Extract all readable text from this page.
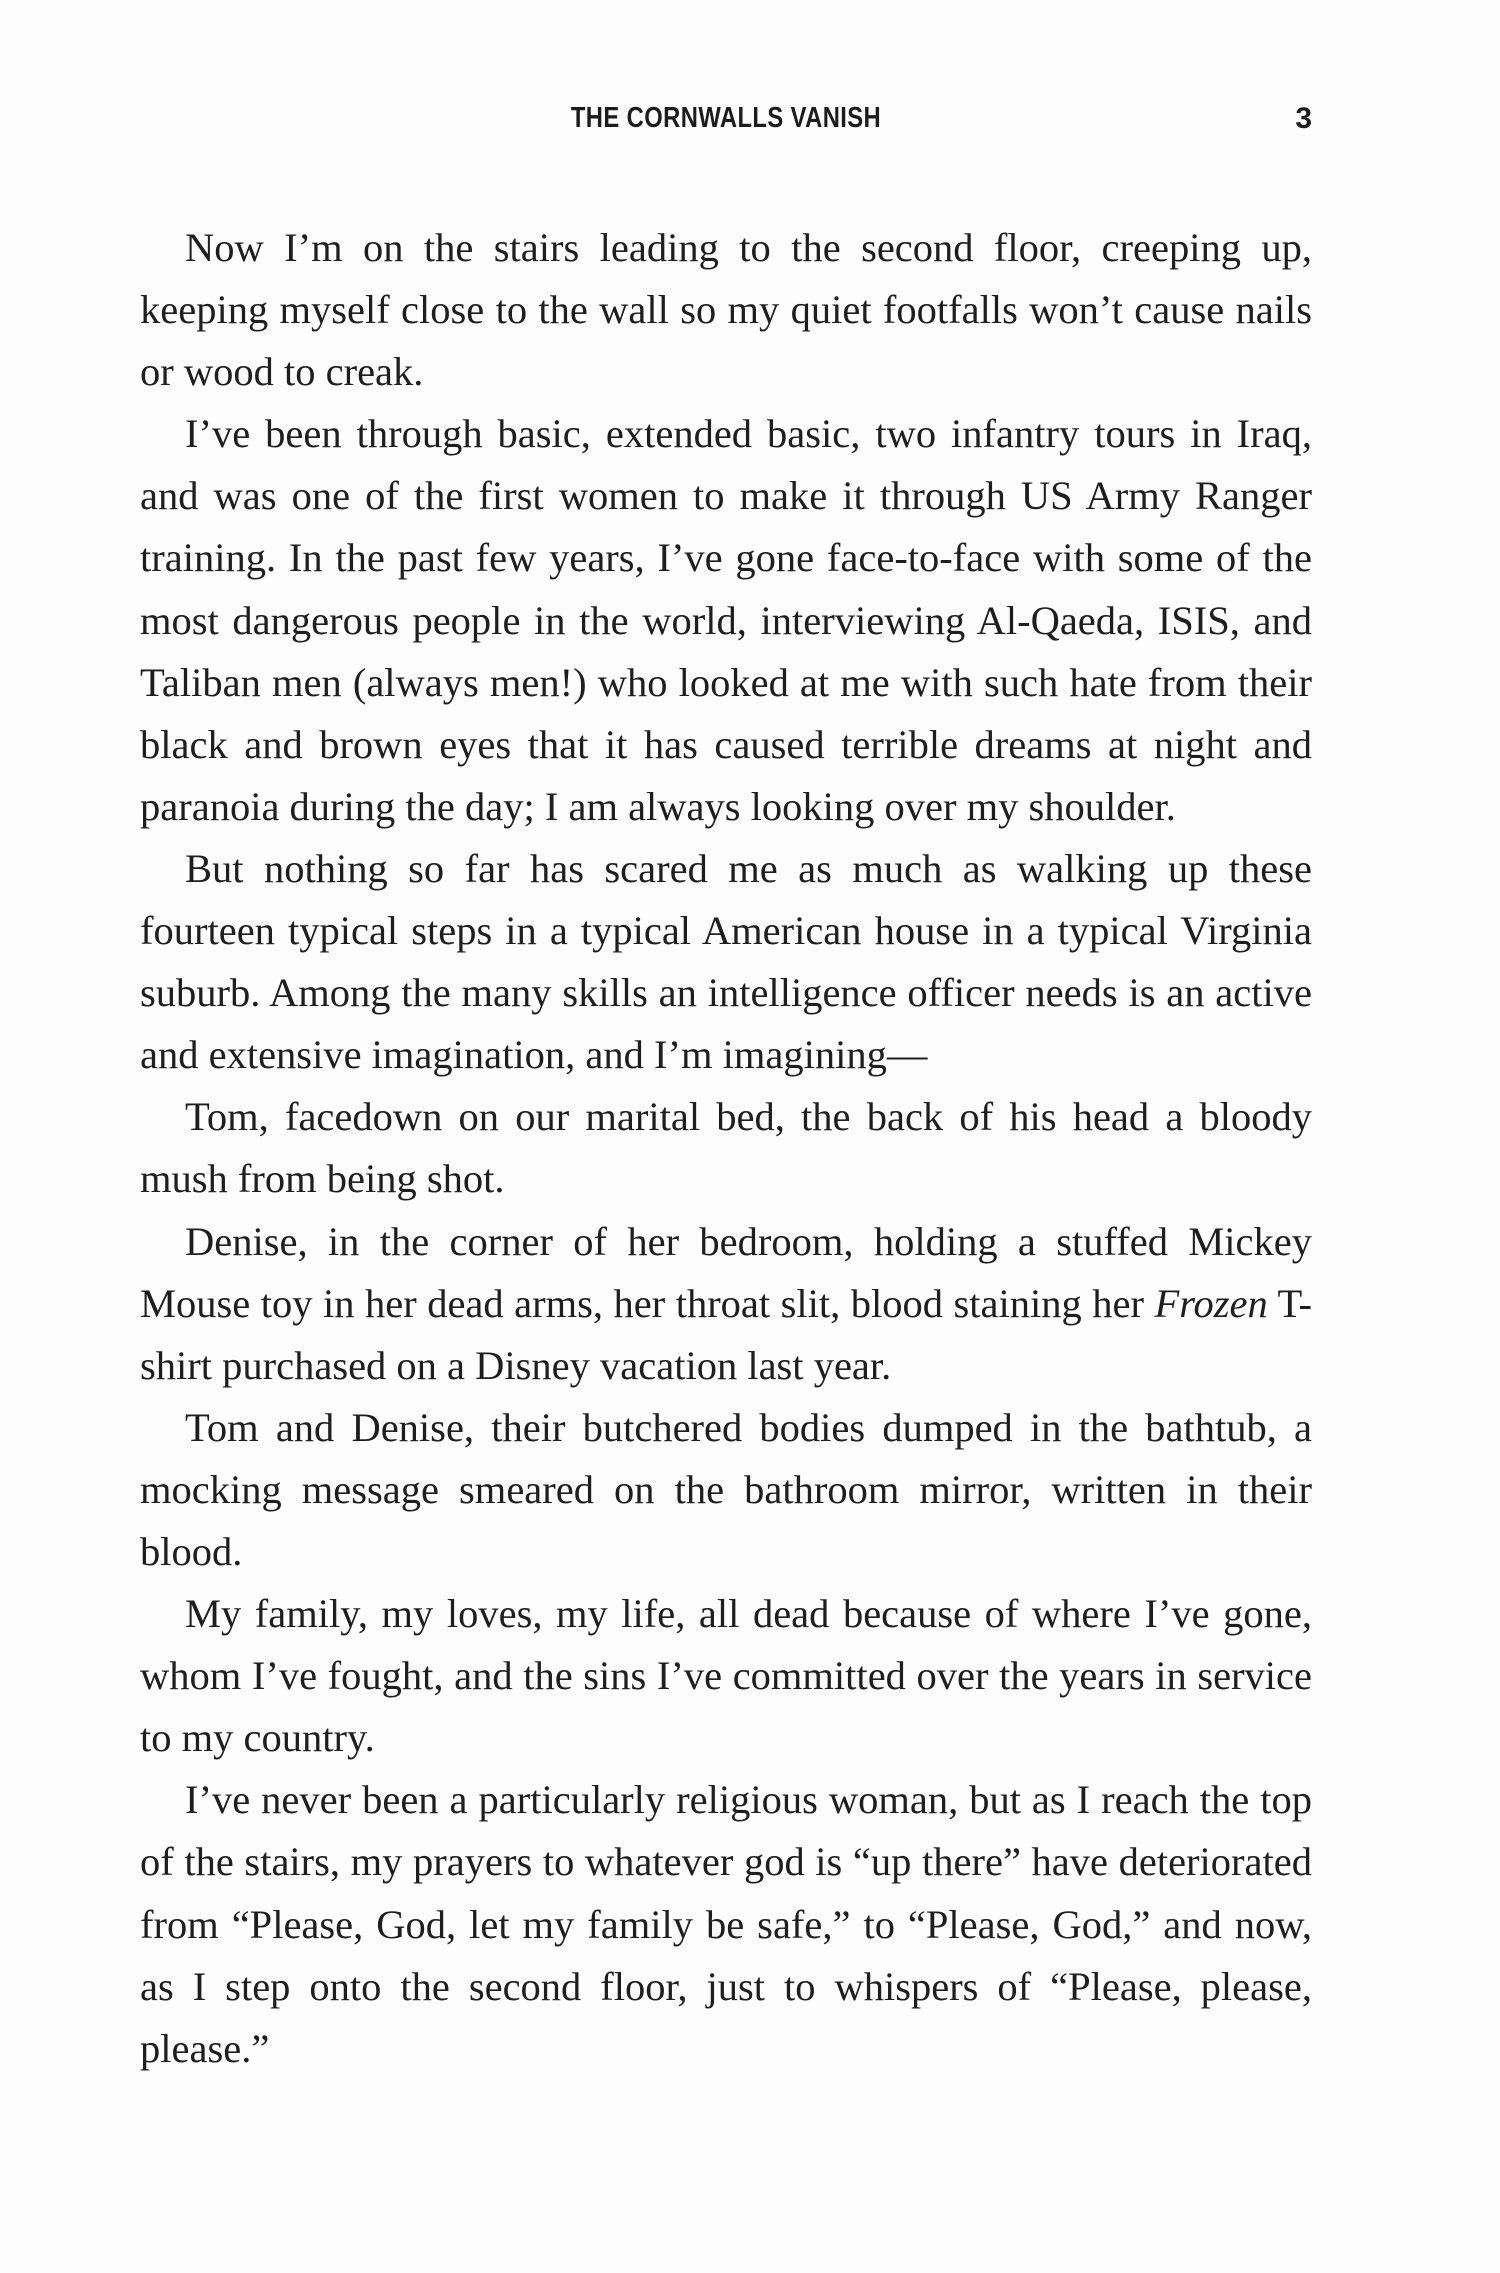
THE CORNWALLS VANISH	3

Now I’m on the stairs leading to the second floor, creeping up, keeping myself close to the wall so my quiet footfalls won’t cause nails or wood to creak.

I’ve been through basic, extended basic, two infantry tours in Iraq, and was one of the first women to make it through US Army Ranger training. In the past few years, I’ve gone face-to-face with some of the most dangerous people in the world, interviewing Al-Qaeda, ISIS, and Taliban men (always men!) who looked at me with such hate from their black and brown eyes that it has caused terrible dreams at night and paranoia during the day; I am always looking over my shoulder.

But nothing so far has scared me as much as walking up these fourteen typical steps in a typical American house in a typical Virginia suburb. Among the many skills an intelligence officer needs is an active and extensive imagination, and I’m imagining—

Tom, facedown on our marital bed, the back of his head a bloody mush from being shot.

Denise, in the corner of her bedroom, holding a stuffed Mickey Mouse toy in her dead arms, her throat slit, blood staining her Frozen T-shirt purchased on a Disney vacation last year.

Tom and Denise, their butchered bodies dumped in the bathtub, a mocking message smeared on the bathroom mirror, written in their blood.

My family, my loves, my life, all dead because of where I’ve gone, whom I’ve fought, and the sins I’ve committed over the years in service to my country.

I’ve never been a particularly religious woman, but as I reach the top of the stairs, my prayers to whatever god is “up there” have deteriorated from “Please, God, let my family be safe,” to “Please, God,” and now, as I step onto the second floor, just to whispers of “Please, please, please.”
